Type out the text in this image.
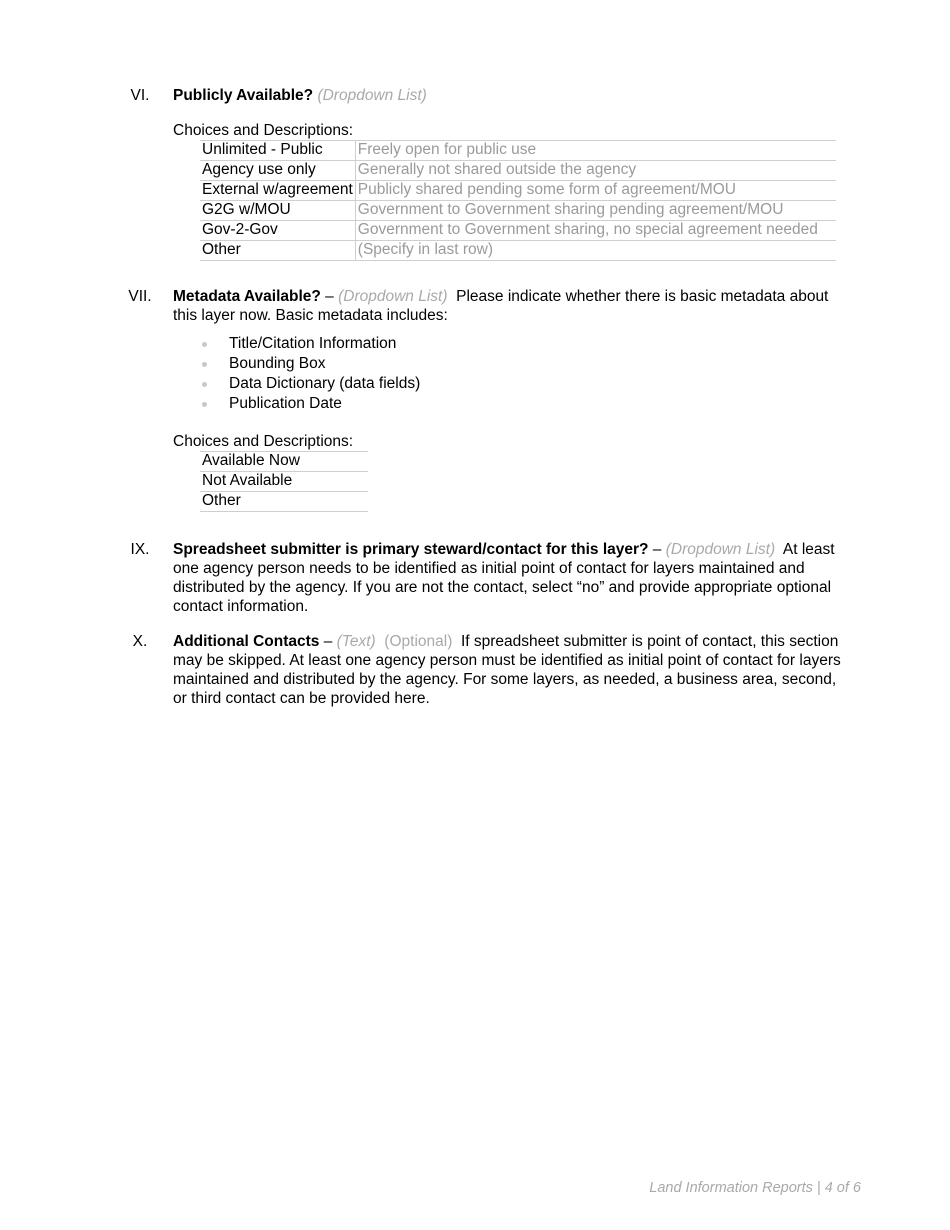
VI.	Publicly Available? (Dropdown List)
Choices and Descriptions:
Unlimited - Public	Freely open for public use
Agency use only	Generally not shared outside the agency
External w/agreement	Publicly shared pending some form of agreement/MOU
G2G w/MOU	Government to Government sharing pending agreement/MOU
Gov-2-Gov	Government to Government sharing, no special agreement needed
Other	(Specify in last row)
VII.	Metadata Available? – (Dropdown List) Please indicate whether there is basic metadata about this layer now. Basic metadata includes:
Title/Citation Information
Bounding Box
Data Dictionary (data fields)
Publication Date
Choices and Descriptions:
Available Now
Not Available
Other
IX.	Spreadsheet submitter is primary steward/contact for this layer? – (Dropdown List) At least one agency person needs to be identified as initial point of contact for layers maintained and distributed by the agency. If you are not the contact, select “no” and provide appropriate optional contact information.
X.	Additional Contacts – (Text) (Optional) If spreadsheet submitter is point of contact, this section may be skipped. At least one agency person must be identified as initial point of contact for layers maintained and distributed by the agency. For some layers, as needed, a business area, second, or third contact can be provided here.
Land Information Reports | 4 of 6
